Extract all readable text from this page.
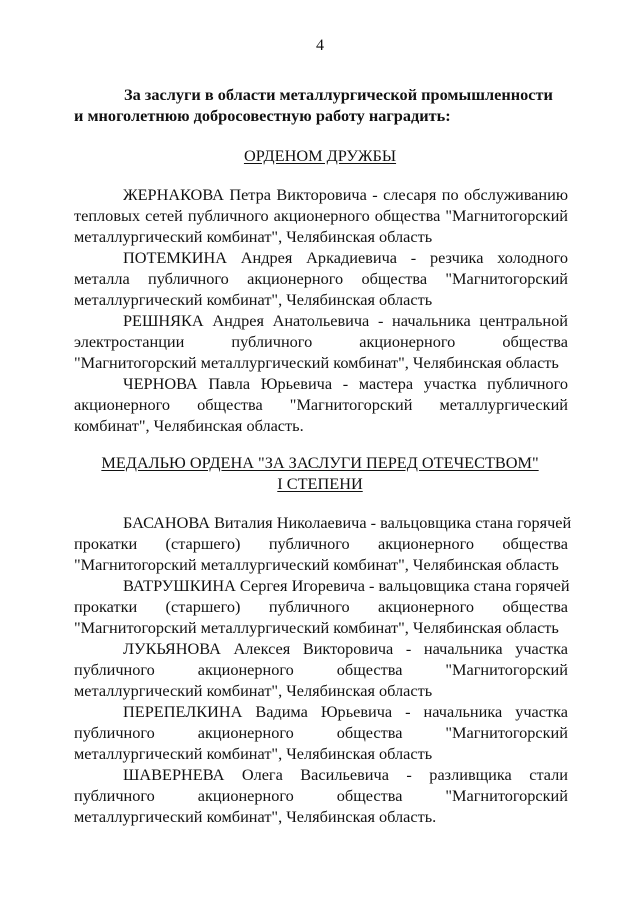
4
За заслуги в области металлургической промышленности
и многолетнюю добросовестную работу наградить:
ОРДЕНОМ ДРУЖБЫ
ЖЕРНАКОВА Петра Викторовича - слесаря по обслуживанию
тепловых сетей публичного акционерного общества "Магнитогорский
металлургический комбинат", Челябинская область
ПОТЕМКИНА Андрея Аркадиевича - резчика холодного
металла публичного акционерного общества "Магнитогорский
металлургический комбинат", Челябинская область
РЕШНЯКА Андрея Анатольевича - начальника центральной
электростанции публичного акционерного общества
"Магнитогорский металлургический комбинат", Челябинская область
ЧЕРНОВА Павла Юрьевича - мастера участка публичного
акционерного общества "Магнитогорский металлургический
комбинат", Челябинская область.
МЕДАЛЬЮ ОРДЕНА "ЗА ЗАСЛУГИ ПЕРЕД ОТЕЧЕСТВОМ"
I СТЕПЕНИ
БАСАНОВА Виталия Николаевича - вальцовщика стана горячей
прокатки (старшего) публичного акционерного общества
"Магнитогорский металлургический комбинат", Челябинская область
ВАТРУШКИНА Сергея Игоревича - вальцовщика стана горячей
прокатки (старшего) публичного акционерного общества
"Магнитогорский металлургический комбинат", Челябинская область
ЛУКЬЯНОВА Алексея Викторовича - начальника участка
публичного акционерного общества "Магнитогорский
металлургический комбинат", Челябинская область
ПЕРЕПЕЛКИНА Вадима Юрьевича - начальника участка
публичного акционерного общества "Магнитогорский
металлургический комбинат", Челябинская область
ШАВЕРНЕВА Олега Васильевича - разливщика стали
публичного акционерного общества "Магнитогорский
металлургический комбинат", Челябинская область.
